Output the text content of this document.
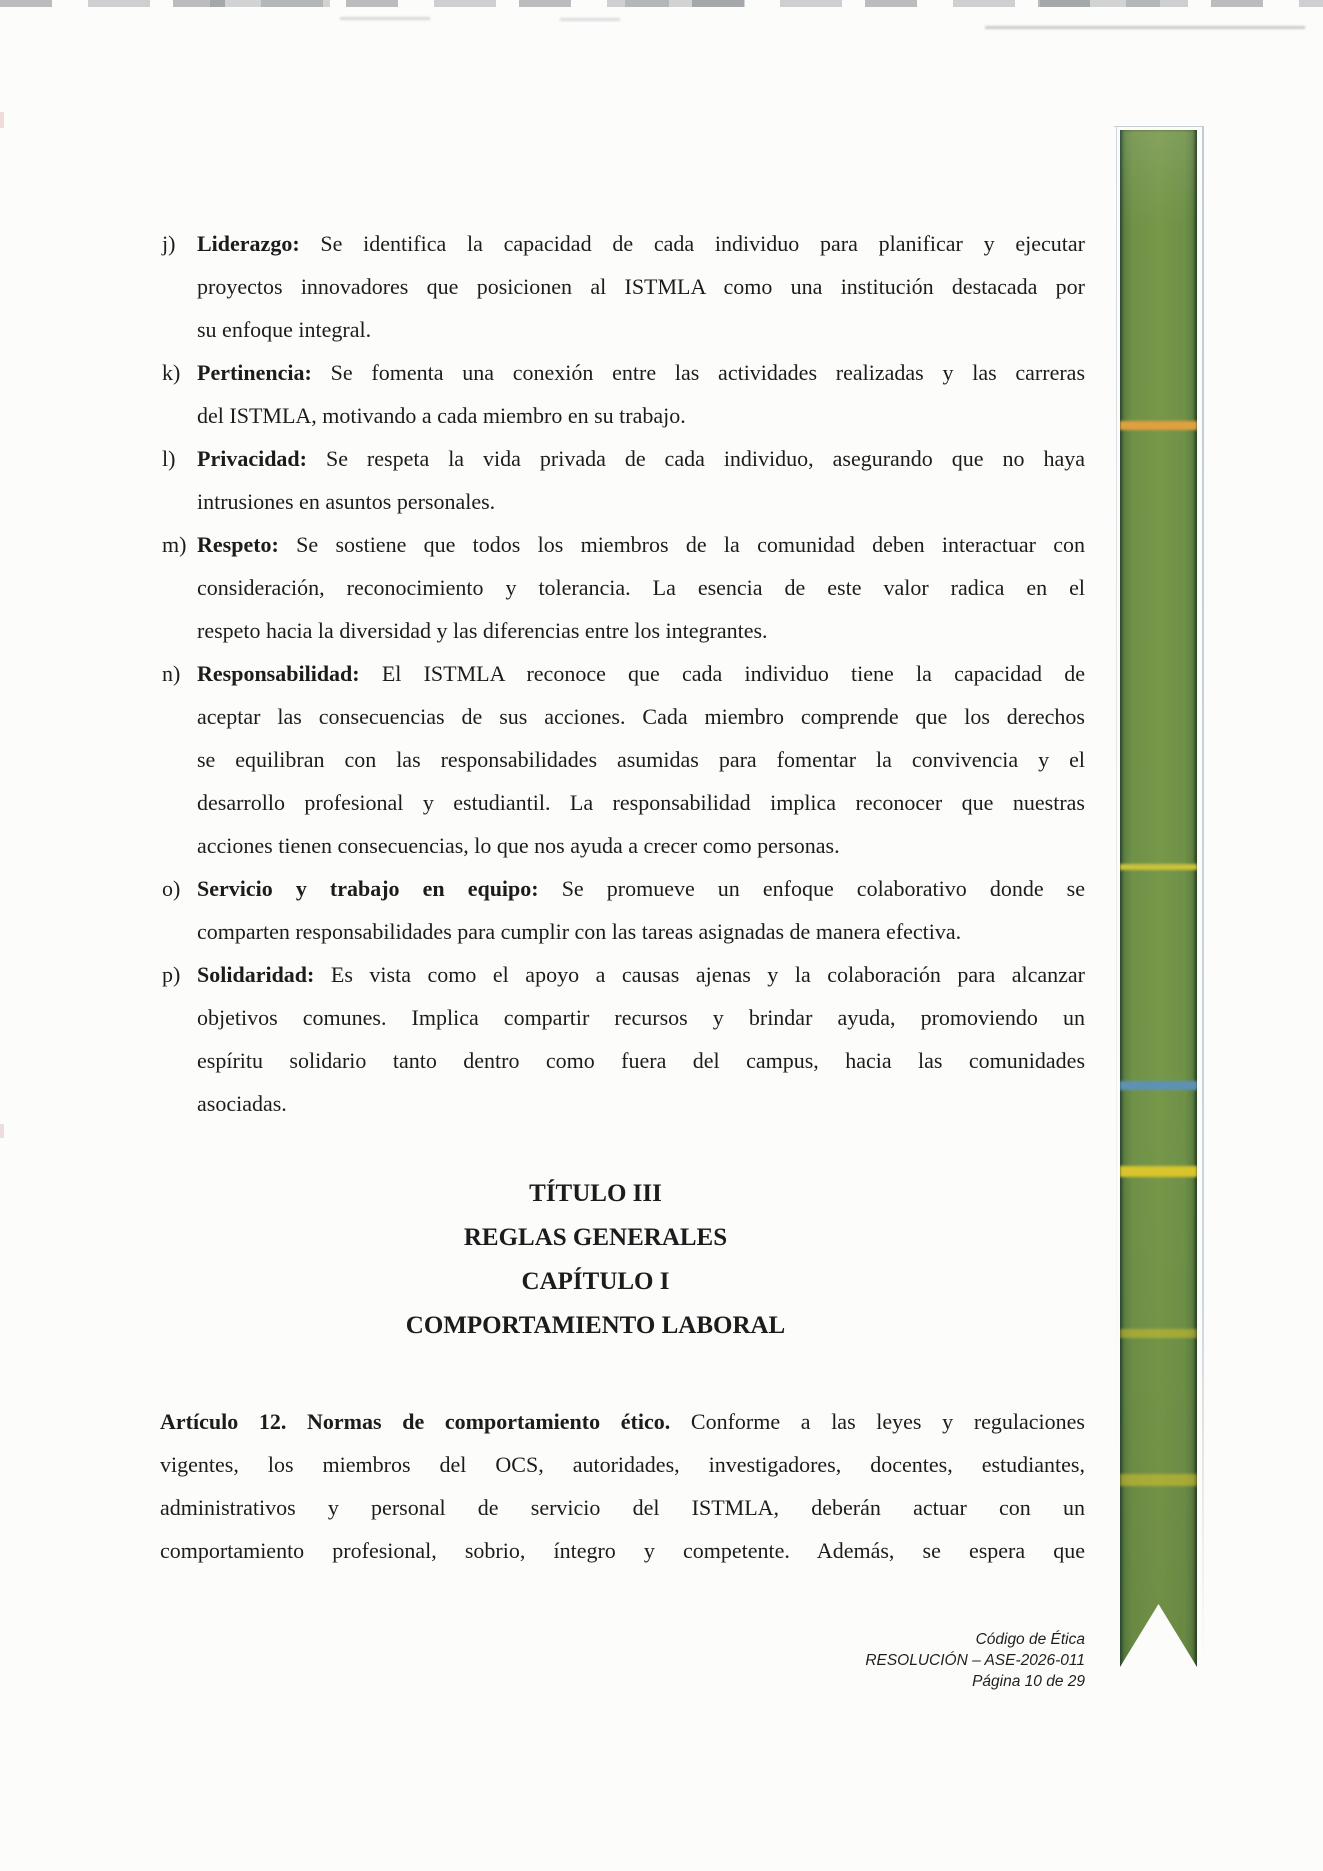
j) Liderazgo: Se identifica la capacidad de cada individuo para planificar y ejecutar
proyectos innovadores que posicionen al ISTMLA como una institución destacada por
su enfoque integral.
k) Pertinencia: Se fomenta una conexión entre las actividades realizadas y las carreras
del ISTMLA, motivando a cada miembro en su trabajo.
l) Privacidad: Se respeta la vida privada de cada individuo, asegurando que no haya
intrusiones en asuntos personales.
m) Respeto: Se sostiene que todos los miembros de la comunidad deben interactuar con
consideración, reconocimiento y tolerancia. La esencia de este valor radica en el
respeto hacia la diversidad y las diferencias entre los integrantes.
n) Responsabilidad: El ISTMLA reconoce que cada individuo tiene la capacidad de
aceptar las consecuencias de sus acciones. Cada miembro comprende que los derechos
se equilibran con las responsabilidades asumidas para fomentar la convivencia y el
desarrollo profesional y estudiantil. La responsabilidad implica reconocer que nuestras
acciones tienen consecuencias, lo que nos ayuda a crecer como personas.
o) Servicio y trabajo en equipo: Se promueve un enfoque colaborativo donde se
comparten responsabilidades para cumplir con las tareas asignadas de manera efectiva.
p) Solidaridad: Es vista como el apoyo a causas ajenas y la colaboración para alcanzar
objetivos comunes. Implica compartir recursos y brindar ayuda, promoviendo un
espíritu solidario tanto dentro como fuera del campus, hacia las comunidades
asociadas.
TÍTULO III
REGLAS GENERALES
CAPÍTULO I
COMPORTAMIENTO LABORAL
Artículo 12. Normas de comportamiento ético. Conforme a las leyes y regulaciones
vigentes, los miembros del OCS, autoridades, investigadores, docentes, estudiantes,
administrativos y personal de servicio del ISTMLA, deberán actuar con un
comportamiento profesional, sobrio, íntegro y competente. Además, se espera que
Código de Ética
RESOLUCIÓN – ASE-2026-011
Página 10 de 29
